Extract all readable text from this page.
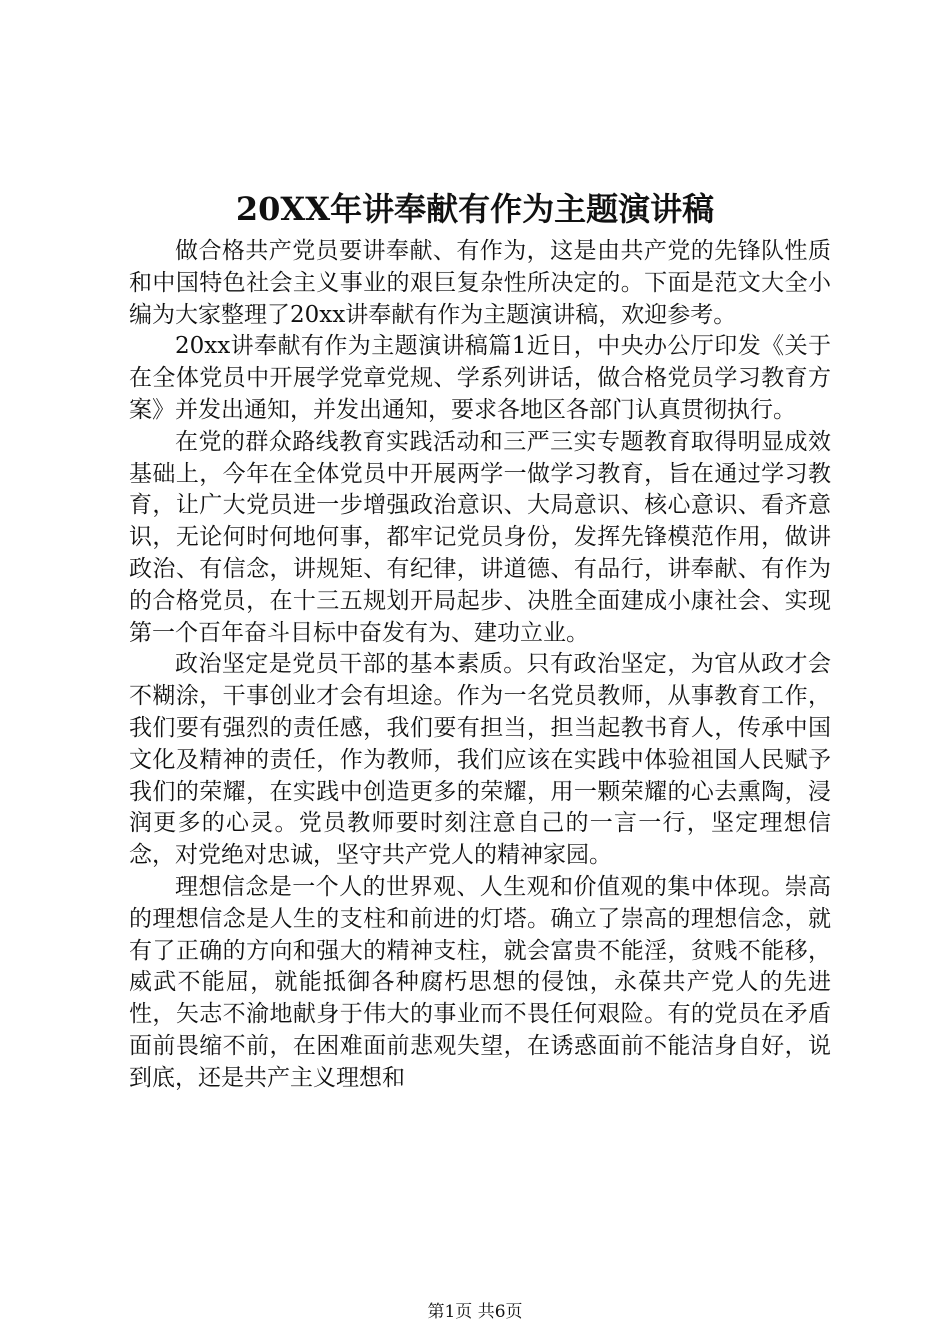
20XX年讲奉献有作为主题演讲稿

做合格共产党员要讲奉献、有作为，这是由共产党的先锋队性质和中国特色社会主义事业的艰巨复杂性所决定的。下面是范文大全小编为大家整理了20xx讲奉献有作为主题演讲稿，欢迎参考。

20xx讲奉献有作为主题演讲稿篇1近日，中央办公厅印发《关于在全体党员中开展学党章党规、学系列讲话，做合格党员学习教育方案》并发出通知，并发出通知，要求各地区各部门认真贯彻执行。

在党的群众路线教育实践活动和三严三实专题教育取得明显成效基础上，今年在全体党员中开展两学一做学习教育，旨在通过学习教育，让广大党员进一步增强政治意识、大局意识、核心意识、看齐意识，无论何时何地何事，都牢记党员身份，发挥先锋模范作用，做讲政治、有信念，讲规矩、有纪律，讲道德、有品行，讲奉献、有作为的合格党员，在十三五规划开局起步、决胜全面建成小康社会、实现第一个百年奋斗目标中奋发有为、建功立业。

政治坚定是党员干部的基本素质。只有政治坚定，为官从政才会不糊涂，干事创业才会有坦途。作为一名党员教师，从事教育工作，我们要有强烈的责任感，我们要有担当，担当起教书育人，传承中国文化及精神的责任，作为教师，我们应该在实践中体验祖国人民赋予我们的荣耀，在实践中创造更多的荣耀，用一颗荣耀的心去熏陶，浸润更多的心灵。党员教师要时刻注意自己的一言一行，坚定理想信念，对党绝对忠诚，坚守共产党人的精神家园。

理想信念是一个人的世界观、人生观和价值观的集中体现。崇高的理想信念是人生的支柱和前进的灯塔。确立了崇高的理想信念，就有了正确的方向和强大的精神支柱，就会富贵不能淫，贫贱不能移，威武不能屈，就能抵御各种腐朽思想的侵蚀，永葆共产党人的先进性，矢志不渝地献身于伟大的事业而不畏任何艰险。有的党员在矛盾面前畏缩不前，在困难面前悲观失望，在诱惑面前不能洁身自好，说到底，还是共产主义理想和

第1页 共6页
